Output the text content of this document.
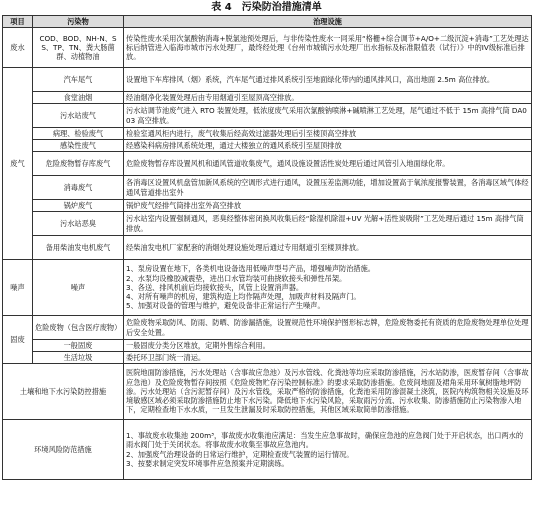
表 4　污染防治措施清单
项目	污染物	治理设施
废水	COD、BOD、NH-N、SS、TP、TN、粪大肠菌群、动植物油	传染性废水采用次氯酸钠消毒+脱氯池预处理后，与非传染性废水一同采用“格栅+综合调节+A/O+二级沉淀+消毒”工艺处理达标后纳管进入临海市城市污水处理厂，最终经处理《台州市城镇污水处理厂出水指标及标准限值表（试行）》中的IV级标准后排放。

废气	汽车尾气	设置地下车库排风（烟）系统，汽车尾气通过排风系统引至地面绿化带内的通风排风口，高出地面 2.5m 高位排放。

	食堂油烟	经油烟净化装置处理后由专用烟道引至屋顶高空排放。

	污水站废气	污水站调节池废气进入 RTO 装置处理，低浓度废气采用次氯酸钠喷淋+碱喷淋工艺处理，尾气通过不低于 15m 高排气筒 DA003 高空排放。

	病理、检验废气	检验室通风柜内进行，废气收集后经高效过滤器处理后引至楼顶高空排放

	感染性废气	经感染科病房排风系统处理，通过大楼独立的通风系统引至屋顶排放

	危险废物暂存库废气	危险废物暂存库设置风机和通风管道收集废气，通风设施设置活性炭处理后通过风管引入地面绿化带。

	消毒废气	各消毒区设置风机盘管加新风系统的空调形式进行通风，设置压差监测功能，增加设置高于氧浓度报警装置，各消毒区域气体经通风管道排出室外

	锅炉废气	锅炉废气经排气筒排出室外高空排放

	污水站恶臭	污水站室内设置强制通风，恶臭经整体密闭换风收集后经“除湿机除湿+UV 光解+活性炭吸附”工艺处理后通过 15m 高排气筒排放。

	备用柴油发电机废气	经柴油发电机厂家配套的消烟处理设施处理后通过专用烟道引至楼顶排放。

噪声	噪声	1、泵房设置在地下，各类机电设备选用低噪声型号产品，增强噪声防治措施。
2、水泵均设橡胶减震垫，进出口水管均装可曲挠软接头和弹性吊架。
3、各送、排风机前后均接软接头，风管上设置消声器。
4、对所有噪声的机房，建筑构造上均作隔声处理，加吸声材料及隔声门。
5、加强对设备的管理与维护，避免设备非正常运行产生噪声。

固废	危险废物（包含医疗废物）	危险废物采取防风、防雨、防晒、防渗漏措施，设置规范性环境保护图形标志牌，危险废物委托有资质的危险废物处理单位处理后安全处置。

	一般固废	一般固废分类分区堆放，定期外售综合利用。

	生活垃圾	委托环卫部门统一清运。

土壤和地下水污染防控措施		医院地面防渗措施，污水处理站（含事故应急池）及污水管线、化粪池等均应采取防渗措施，污水站防渗，医废暂存间（含事故应急池）及危险废物暂存间按照《危险废物贮存污染控制标准》的要求采取防渗措施。危废间地面及裙角采用环氧树脂地坪防渗。污水处理站（含污泥暂存间）及污水管线，采取严格的防渗措施，化粪池采用防渗混凝土浇筑，医院内构筑物相关设施及环境敏感区域必须采取防渗措施防止地下水污染。降低地下水污染风险，采取雨污分流、污水收集、防渗措施防止污染物渗入地下，定期检查地下水水质，一旦发生泄漏及时采取防控措施，其他区域采取简单防渗措施。

环境风险防范措施		1、事故废水收集池 200m³，事故废水收集池应满足：当发生应急事故时，确保应急池的应急阀门处于开启状态，出口两水的雨水阀门处于关闭状态。将事故废水收集至事故应急池内。
2、加强废气治理设备的日常运行维护，定期检查废气装置的运行情况。
3、按要求制定突发环境事件应急预案并定期演练。
